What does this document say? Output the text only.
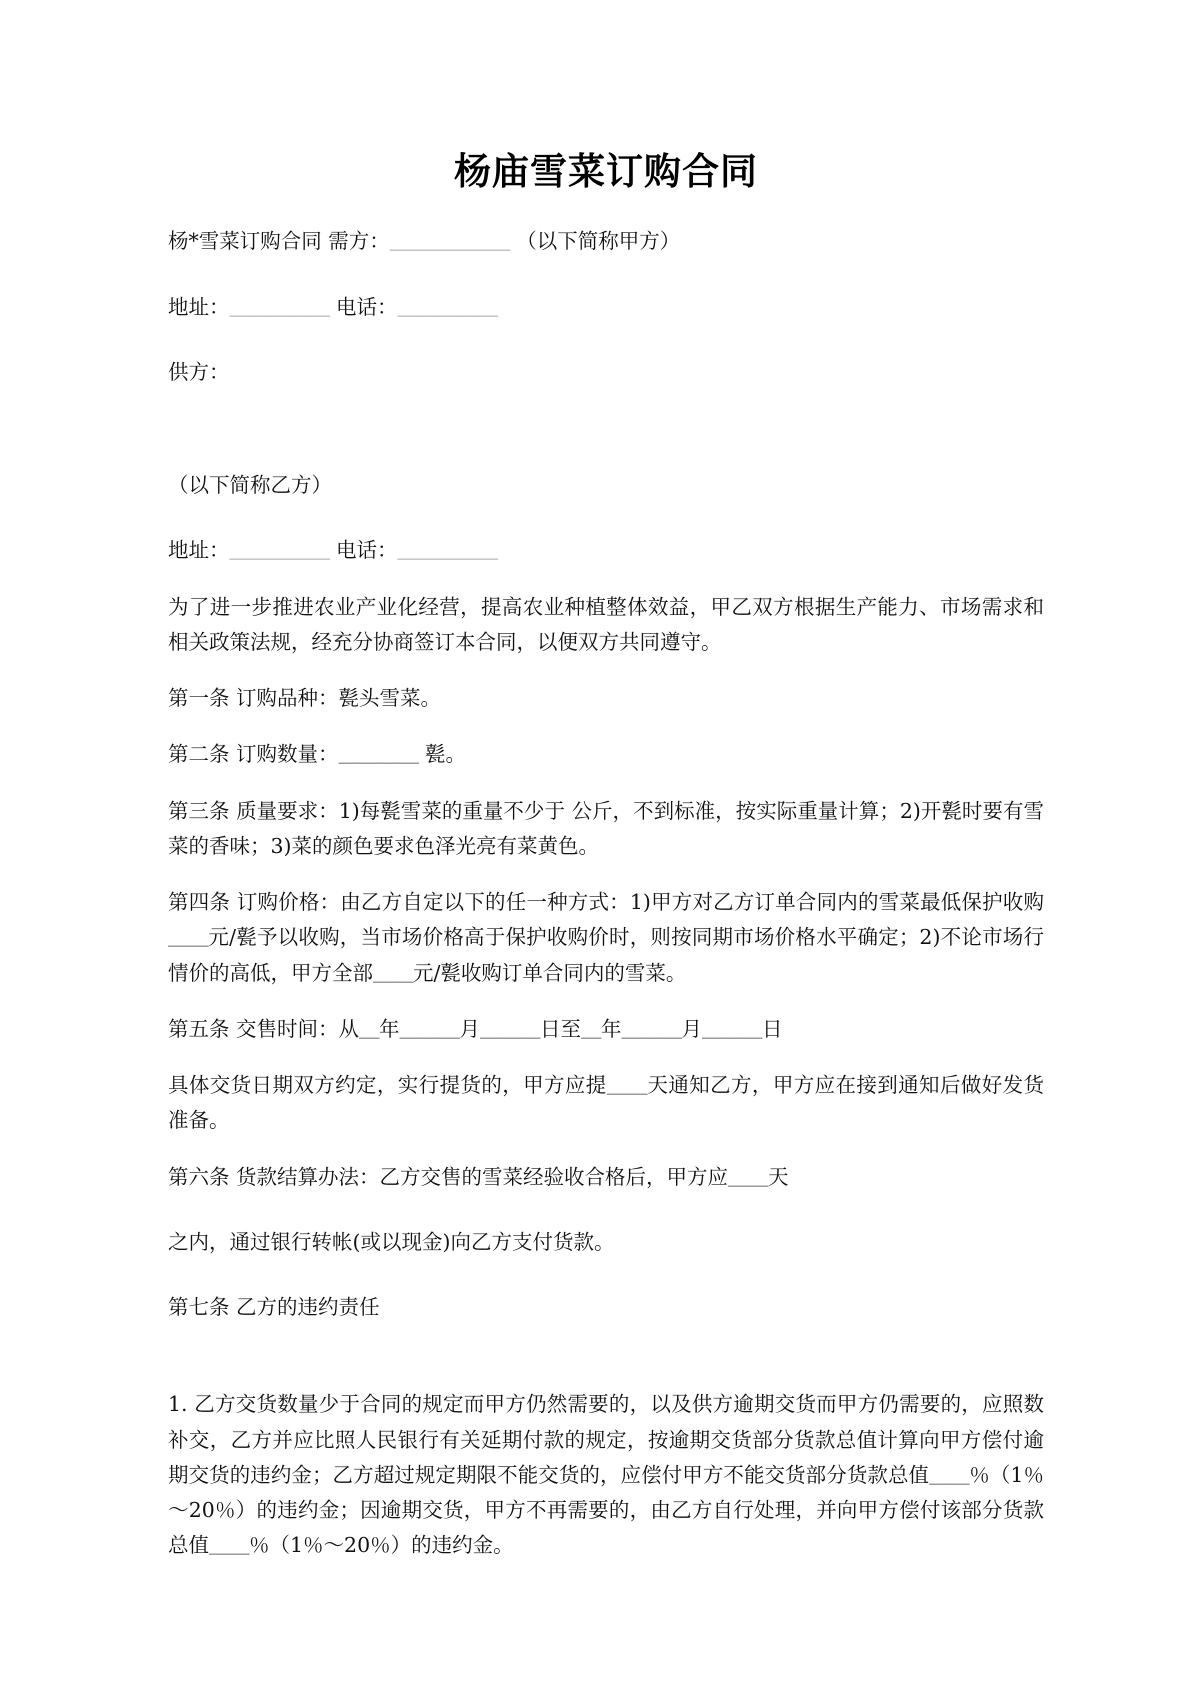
杨庙雪菜订购合同

杨*雪菜订购合同 需方：＿＿＿＿＿＿ （以下简称甲方）

地址：＿＿＿＿＿ 电话：＿＿＿＿＿

供方：

（以下简称乙方）

地址：＿＿＿＿＿ 电话：＿＿＿＿＿

为了进一步推进农业产业化经营，提高农业种植整体效益，甲乙双方根据生产能力、市场需求和相关政策法规，经充分协商签订本合同，以便双方共同遵守。

第一条 订购品种：甏头雪菜。

第二条 订购数量：＿＿＿＿ 甏。

第三条 质量要求：1)每甏雪菜的重量不少于 公斤，不到标准，按实际重量计算；2)开甏时要有雪菜的香味；3)菜的颜色要求色泽光亮有菜黄色。

第四条 订购价格：由乙方自定以下的任一种方式：1)甲方对乙方订单合同内的雪菜最低保护收购＿＿元/甏予以收购，当市场价格高于保护收购价时，则按同期市场价格水平确定；2)不论市场行情价的高低，甲方全部＿＿元/甏收购订单合同内的雪菜。

第五条 交售时间：从＿年＿＿＿月＿＿＿日至＿年＿＿＿月＿＿＿日

具体交货日期双方约定，实行提货的，甲方应提＿＿天通知乙方，甲方应在接到通知后做好发货准备。

第六条 货款结算办法：乙方交售的雪菜经验收合格后，甲方应＿＿天

之内，通过银行转帐(或以现金)向乙方支付货款。

第七条 乙方的违约责任

1. 乙方交货数量少于合同的规定而甲方仍然需要的，以及供方逾期交货而甲方仍需要的，应照数补交，乙方并应比照人民银行有关延期付款的规定，按逾期交货部分货款总值计算向甲方偿付逾期交货的违约金；乙方超过规定期限不能交货的，应偿付甲方不能交货部分货款总值＿＿％（1％～20％）的违约金；因逾期交货，甲方不再需要的，由乙方自行处理，并向甲方偿付该部分货款总值＿＿％（1％～20％）的违约金。
